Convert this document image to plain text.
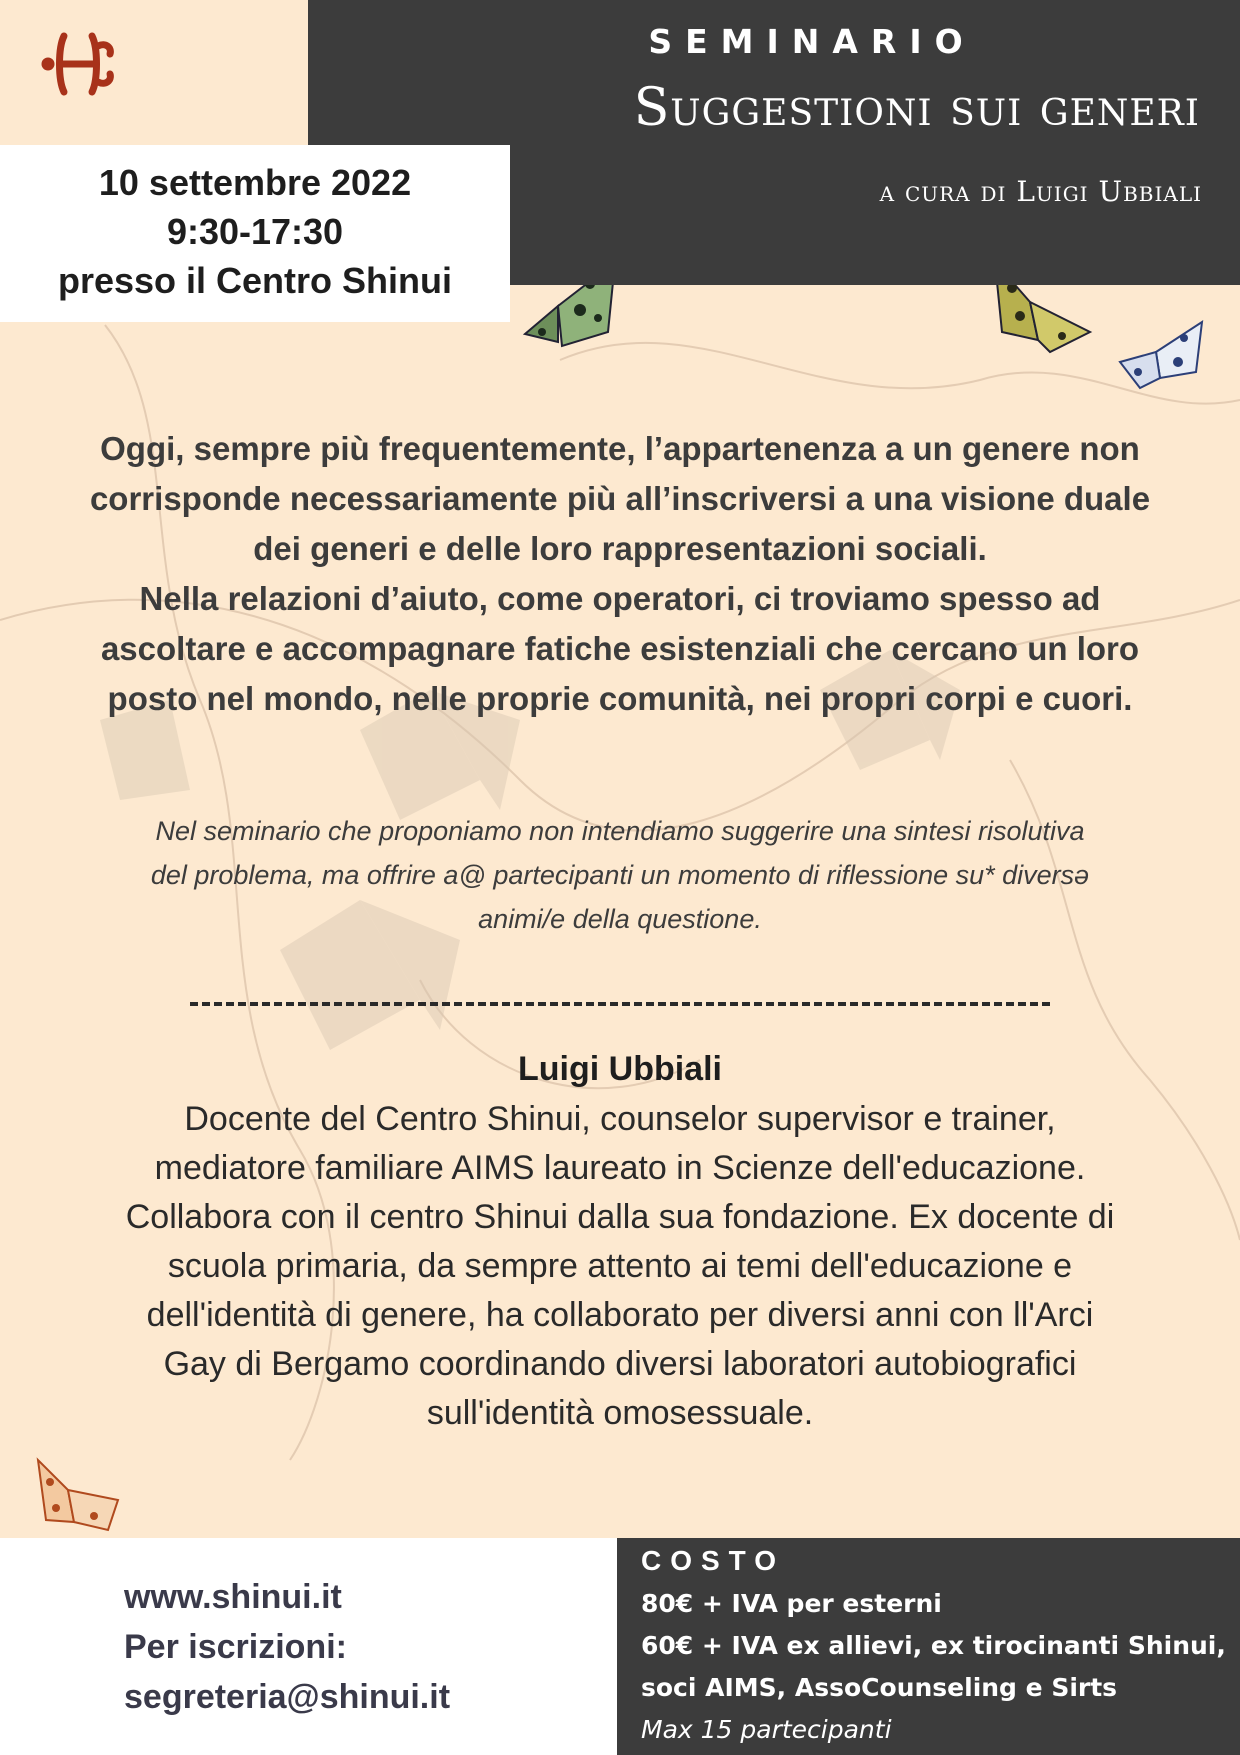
SEMINARIO
Suggestioni sui generi
a cura di Luigi Ubbiali
10 settembre 2022
9:30-17:30
presso il Centro Shinui
Oggi, sempre più frequentemente, l’appartenenza a un genere non
corrisponde necessariamente più all’inscriversi a una visione duale
dei generi e delle loro rappresentazioni sociali.
Nella relazioni d’aiuto, come operatori, ci troviamo spesso ad
ascoltare e accompagnare fatiche esistenziali che cercano un loro
posto nel mondo, nelle proprie comunità, nei propri corpi e cuori.
Nel seminario che proponiamo non intendiamo suggerire una sintesi risolutiva
del problema, ma offrire a@ partecipanti un momento di riflessione su* diversə
animi/e della questione.
Luigi Ubbiali
Docente del Centro Shinui, counselor supervisor e trainer,
mediatore familiare AIMS laureato in Scienze dell'educazione.
Collabora con il centro Shinui dalla sua fondazione. Ex docente di
scuola primaria, da sempre attento ai temi dell'educazione e
dell'identità di genere, ha collaborato per diversi anni con ll'Arci
Gay di Bergamo coordinando diversi laboratori autobiografici
sull'identità omosessuale.
www.shinui.it
Per iscrizioni:
segreteria@shinui.it
COSTO
80€ + IVA per esterni
60€ + IVA ex allievi, ex tirocinanti Shinui,
soci AIMS, AssoCounseling e Sirts
Max 15 partecipanti
